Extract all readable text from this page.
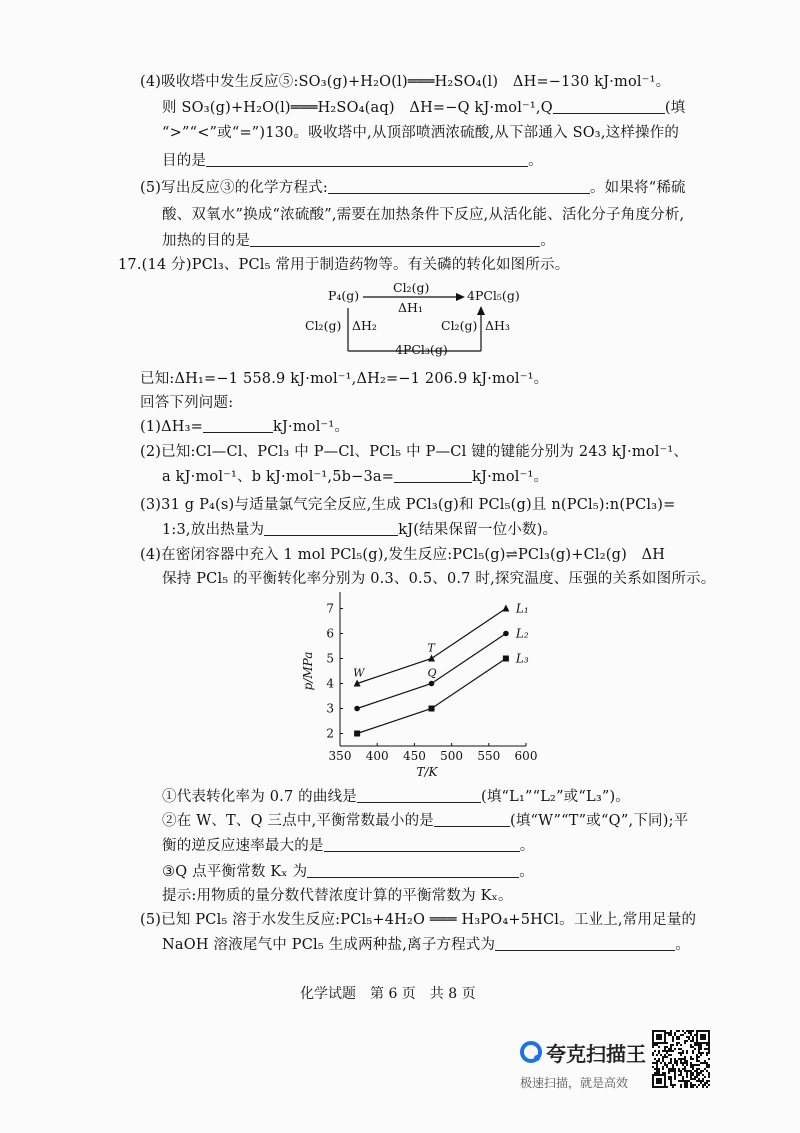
(4)吸收塔中发生反应⑤:SO₃(g)+H₂O(l)═══H₂SO₄(l)　ΔH=−130 kJ·mol⁻¹。
则 SO₃(g)+H₂O(l)═══H₂SO₄(aq)　ΔH=−Q kJ·mol⁻¹,Q	(填
“>”“<”或“=”)130。吸收塔中,从顶部喷洒浓硫酸,从下部通入 SO₃,这样操作的
目的是	。
(5)写出反应③的化学方程式:	。如果将“稀硫
酸、双氧水”换成“浓硫酸”,需要在加热条件下反应,从活化能、活化分子角度分析,
加热的目的是	。
17.(14 分)PCl₃、PCl₅ 常用于制造药物等。有关磷的转化如图所示。
P₄(g)
Cl₂(g)
ΔH₁
4PCl₅(g)
Cl₂(g) ΔH₂	Cl₂(g) ΔH₃
4PCl₃(g)
已知:ΔH₁=−1 558.9 kJ·mol⁻¹,ΔH₂=−1 206.9 kJ·mol⁻¹。
回答下列问题:
(1)ΔH₃=	kJ·mol⁻¹。
(2)已知:Cl—Cl、PCl₃ 中 P—Cl、PCl₅ 中 P—Cl 键的键能分别为 243 kJ·mol⁻¹、
a kJ·mol⁻¹、b kJ·mol⁻¹,5b−3a=	kJ·mol⁻¹。
(3)31 g P₄(s)与适量氯气完全反应,生成 PCl₃(g)和 PCl₅(g)且 n(PCl₅):n(PCl₃)=
1:3,放出热量为	kJ(结果保留一位小数)。
(4)在密闭容器中充入 1 mol PCl₅(g),发生反应:PCl₅(g)⇌PCl₃(g)+Cl₂(g)　ΔH
保持 PCl₅ 的平衡转化率分别为 0.3、0.5、0.7 时,探究温度、压强的关系如图所示。
350 400 450 500 550 600
2
3
4
5
6
7
T/K
p/MPa
L₁
L₂
L₃
W
T
Q
①代表转化率为 0.7 的曲线是	(填“L₁”“L₂”或“L₃”)。
②在 W、T、Q 三点中,平衡常数最小的是	(填“W”“T”或“Q”,下同);平
衡的逆反应速率最大的是	。
③Q 点平衡常数 Kₓ 为	。
提示:用物质的量分数代替浓度计算的平衡常数为 Kₓ。
(5)已知 PCl₅ 溶于水发生反应:PCl₅+4H₂O ═══ H₃PO₄+5HCl。工业上,常用足量的
NaOH 溶液尾气中 PCl₅ 生成两种盐,离子方程式为	。
化学试题　第 6 页　共 8 页
夸克扫描王
极速扫描，就是高效
